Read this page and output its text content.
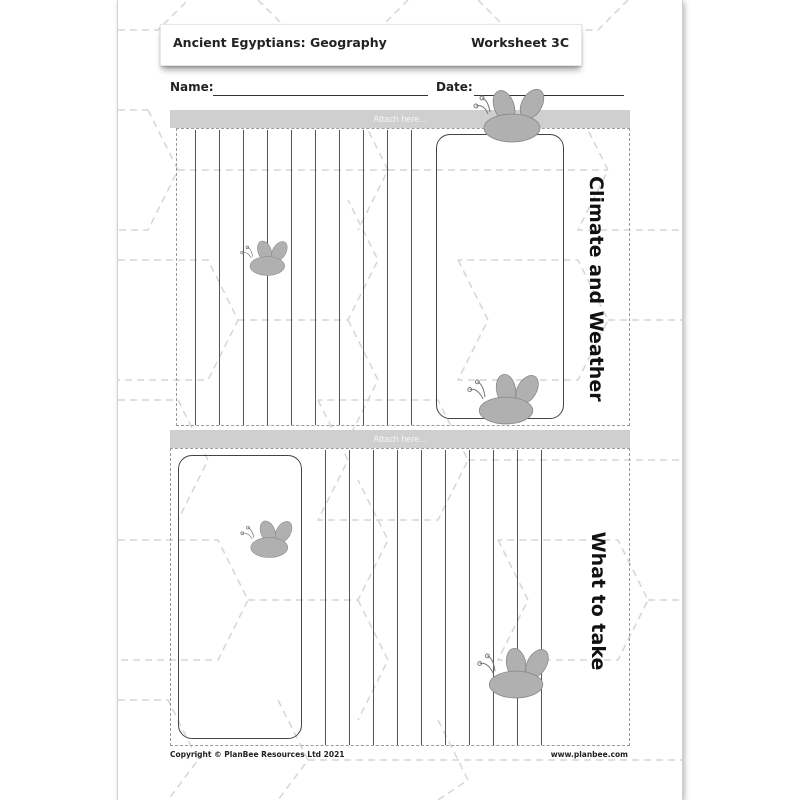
Ancient Egyptians: Geography	Worksheet 3C
Name:	Date:
Attach here...
Climate and Weather
Attach here...
What to take
Copyright © PlanBee Resources Ltd 2021	www.planbee.com
